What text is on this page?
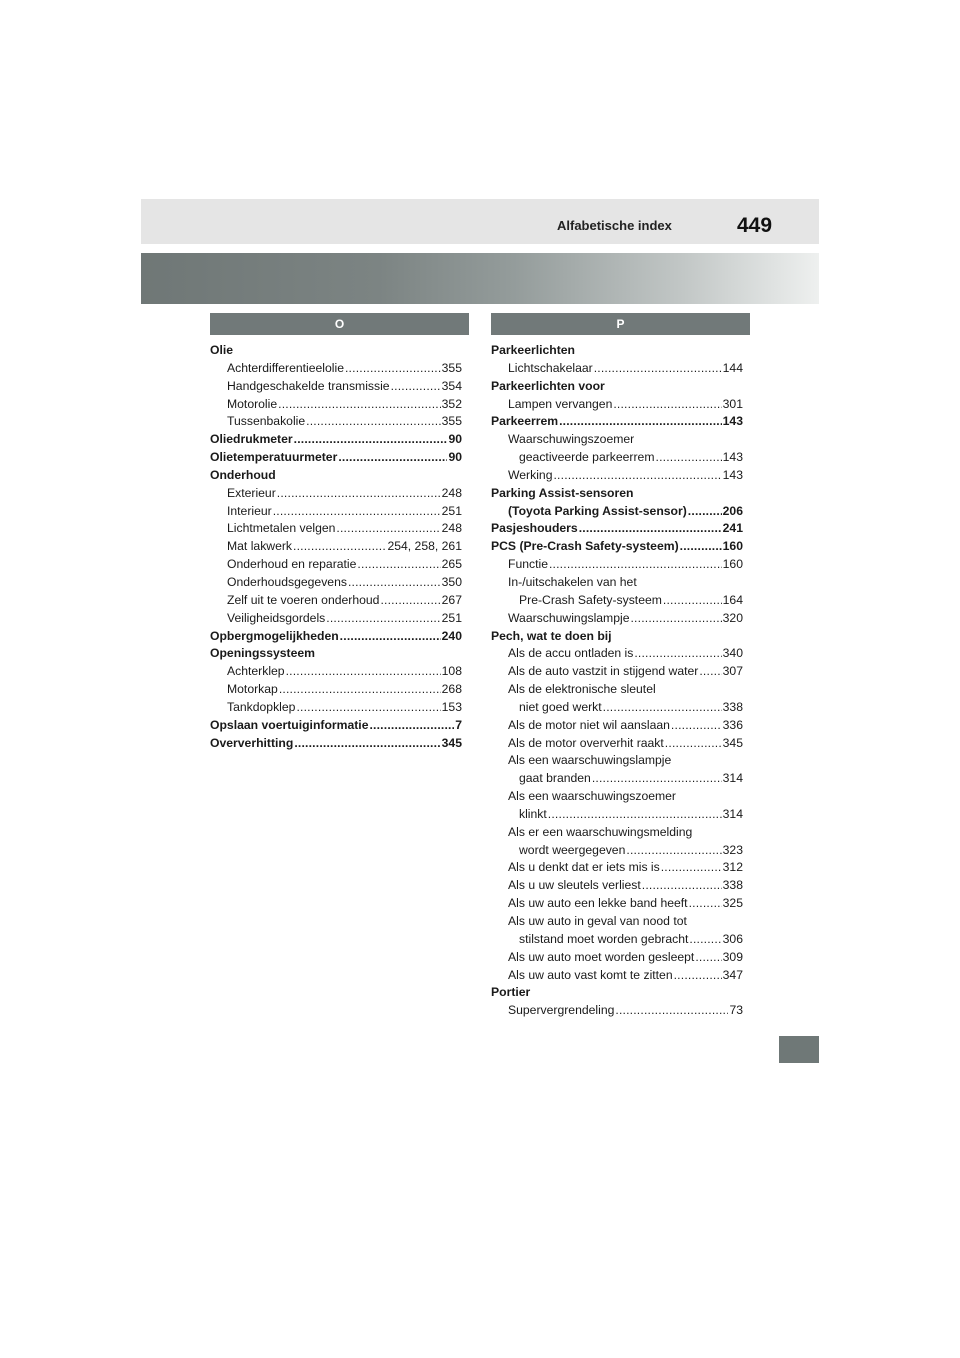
Alfabetische index	449
O	P
Olie
Achterdifferentieelolie . . .	355
Handgeschakelde transmissie . . .	354
Motorolie . . .	352
Tussenbakolie . . .	355
Oliedrukmeter . . .	90
Olietemperatuurmeter . . .	90
Onderhoud
Exterieur . . .	248
Interieur . . .	251
Lichtmetalen velgen . . .	248
Mat lakwerk . . .	254, 258, 261
Onderhoud en reparatie . . .	265
Onderhoudsgegevens . . .	350
Zelf uit te voeren onderhoud . . .	267
Veiligheidsgordels . . .	251
Opbergmogelijkheden . . .	240
Openingssysteem
Achterklep . . .	108
Motorkap . . .	268
Tankdopklep . . .	153
Opslaan voertuiginformatie . . .	7
Oververhitting . . .	345
Parkeerlichten
Lichtschakelaar . . .	144
Parkeerlichten voor
Lampen vervangen . . .	301
Parkeerrem . . .	143
Waarschuwingszoemer
geactiveerde parkeerrem . . .	143
Werking . . .	143
Parking Assist-sensoren
(Toyota Parking Assist-sensor) . . .	206
Pasjeshouders . . .	241
PCS (Pre-Crash Safety-systeem) . . .	160
Functie . . .	160
In-/uitschakelen van het
Pre-Crash Safety-systeem . . .	164
Waarschuwingslampje . . .	320
Pech, wat te doen bij
Als de accu ontladen is . . .	340
Als de auto vastzit in stijgend water . . . 307
Als de elektronische sleutel
niet goed werkt . . .	338
Als de motor niet wil aanslaan . . .	336
Als de motor oververhit raakt . . .	345
Als een waarschuwingslampje
gaat branden . . .	314
Als een waarschuwingszoemer
klinkt . . .	314
Als er een waarschuwingsmelding
wordt weergegeven . . .	323
Als u denkt dat er iets mis is . . .	312
Als u uw sleutels verliest . . .	338
Als uw auto een lekke band heeft . . .	325
Als uw auto in geval van nood tot
stilstand moet worden gebracht . . .	306
Als uw auto moet worden gesleept . . . 309
Als uw auto vast komt te zitten . . .	347
Portier
Supervergrendeling . . .	73
